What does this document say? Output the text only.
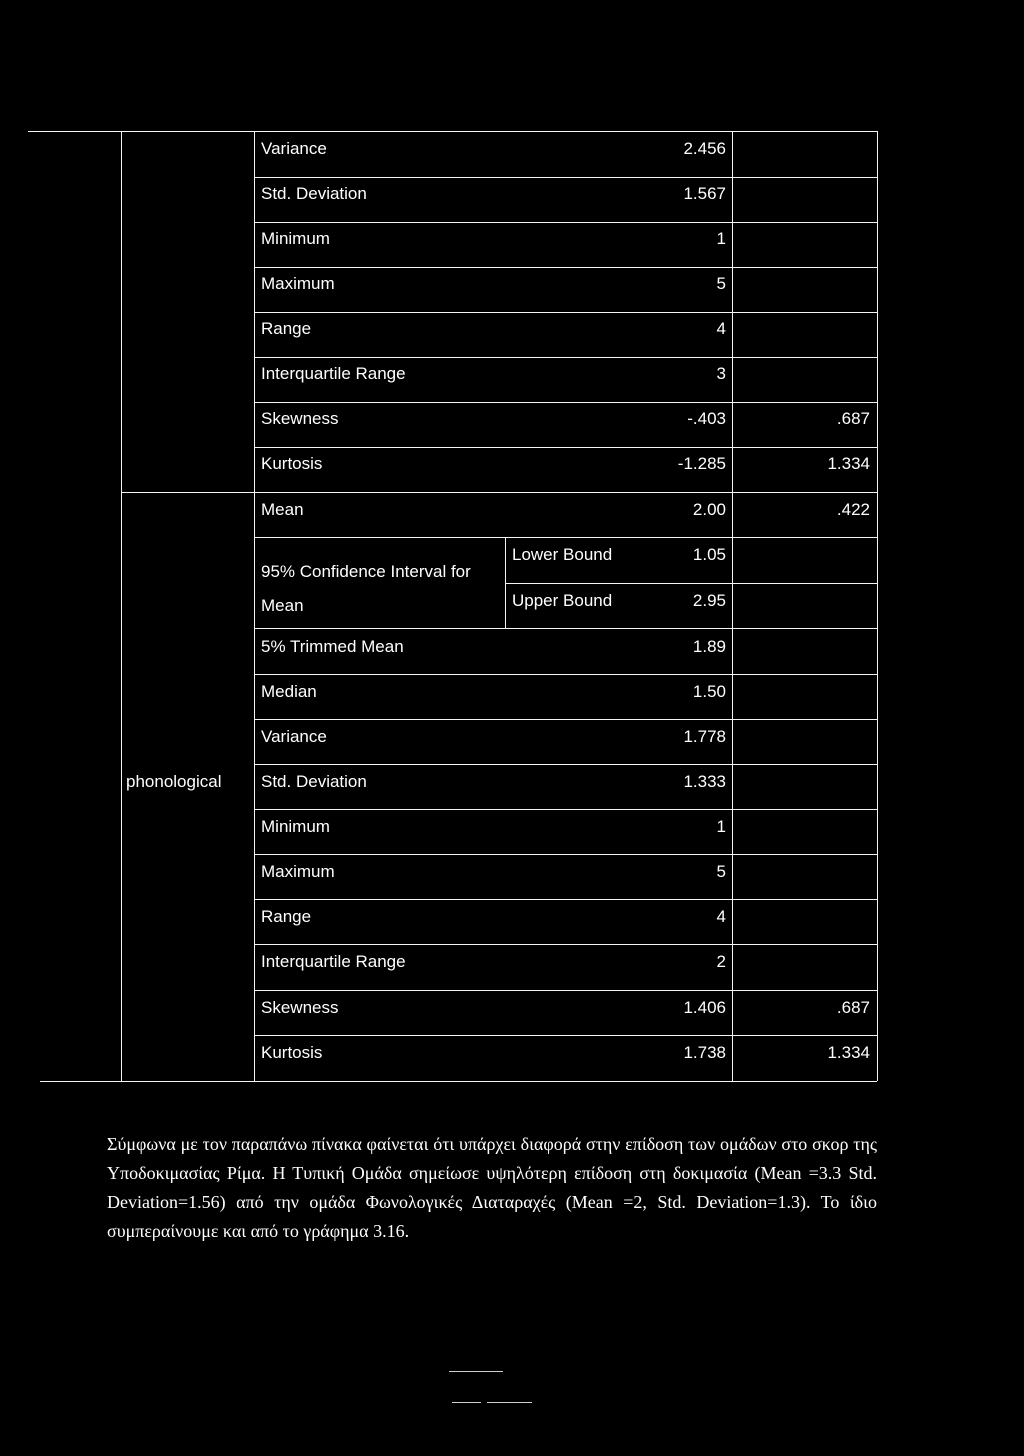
phonological
Variance	2.456
Std. Deviation	1.567
Minimum	1
Maximum	5
Range	4
Interquartile Range	3
Skewness	-.403	.687
Kurtosis	-1.285	1.334
Mean	2.00	.422
95% Confidence Interval for Mean
Lower Bound	1.05
Upper Bound	2.95
5% Trimmed Mean	1.89
Median	1.50
Variance	1.778
Std. Deviation	1.333
Minimum	1
Maximum	5
Range	4
Interquartile Range	2
Skewness	1.406	.687
Kurtosis	1.738	1.334
Σύμφωνα με τον παραπάνω πίνακα φαίνεται ότι υπάρχει διαφορά στην επίδοση των ομάδων στο σκορ της Υποδοκιμασίας Ρίμα. Η Τυπική Ομάδα σημείωσε υψηλότερη επίδοση στη δοκιμασία (Mean =3.3 Std. Deviation=1.56) από την ομάδα Φωνολογικές Διαταραχές (Mean =2, Std. Deviation=1.3). Το ίδιο συμπεραίνουμε και από το γράφημα 3.16.
